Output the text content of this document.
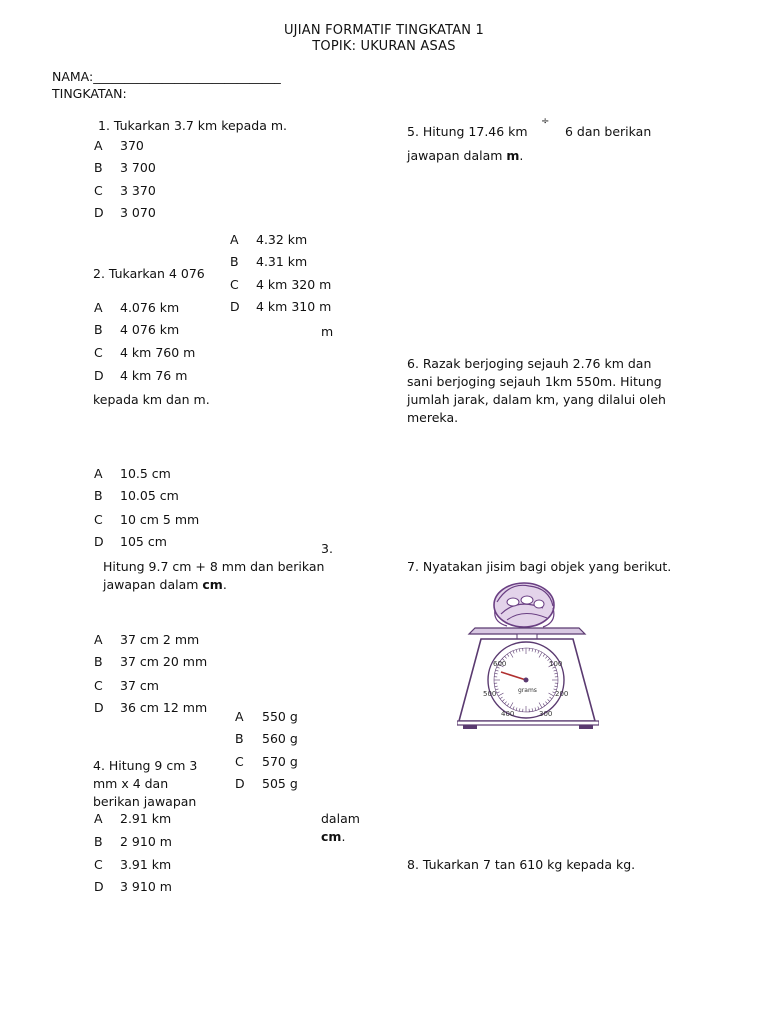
UJIAN FORMATIF TINGKATAN 1
TOPIK: UKURAN ASAS
NAMA:______________________________
TINGKATAN:
1. Tukarkan 3.7 km kepada m.
A 370
B 3 700
C 3 370
D 3 070
A 4.32 km
B 4.31 km
C 4 km 320 m
D 4 km 310 m
m
2. Tukarkan 4 076
A 4.076 km
B 4 076 km
C 4 km 760 m
D 4 km 76 m
kepada km dan m.
A 10.5 cm
B 10.05 cm
C 10 cm 5 mm
D 105 cm	3.
Hitung 9.7 cm + 8 mm dan berikan
jawapan dalam cm.
A 37 cm 2 mm
B 37 cm 20 mm
C 37 cm
D 36 cm 12 mm
A 550 g
B 560 g
C 570 g
D 505 g
4. Hitung 9 cm 3
mm x 4 dan
berikan jawapan
dalam
cm.
A 2.91 km
B 2 910 m
C 3.91 km
D 3 910 m
5. Hitung 17.46 km
÷
6 dan berikan
jawapan dalam m.
6. Razak berjoging sejauh 2.76 km dan sani berjoging sejauh 1km 550m. Hitung jumlah jarak, dalam km, yang dilalui oleh mereka.
7. Nyatakan jisim bagi objek yang berikut.
600	100
500	200
400	300
grams
8. Tukarkan 7 tan 610 kg kepada kg.
